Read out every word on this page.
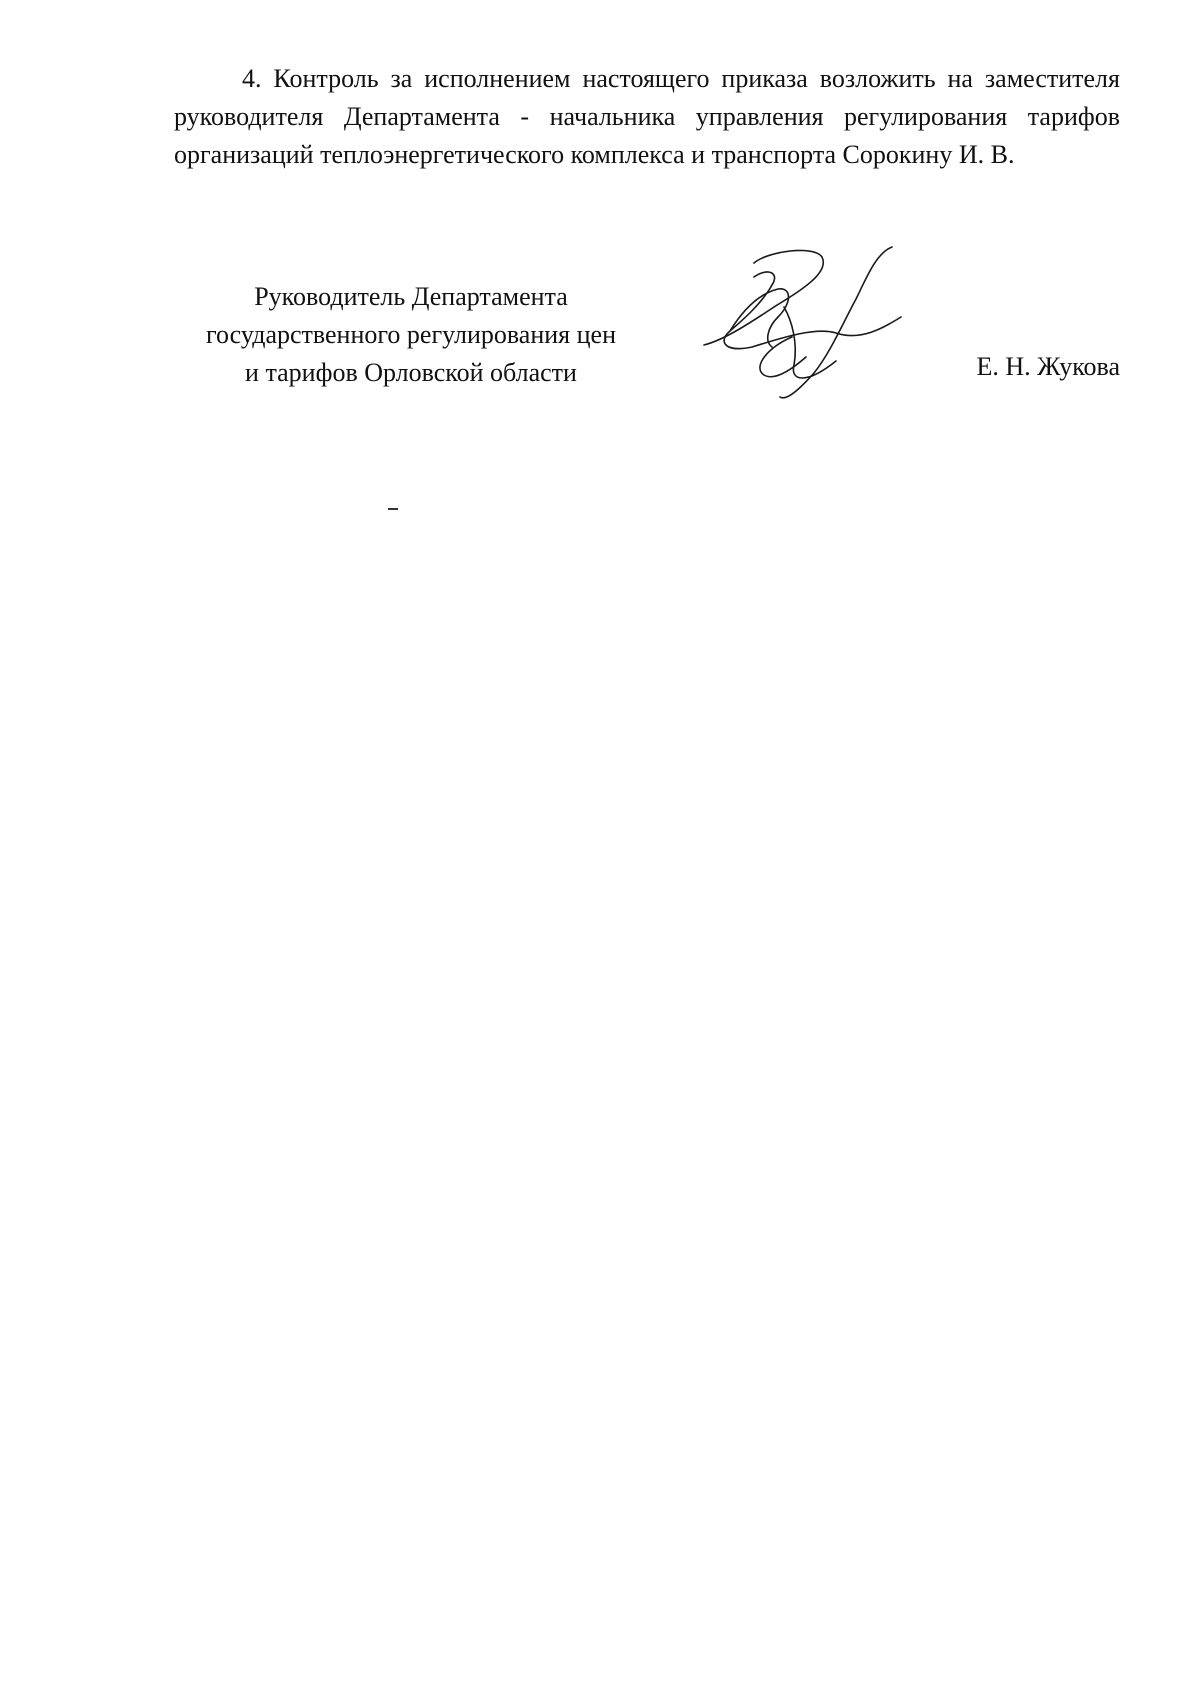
4. Контроль за исполнением настоящего приказа возложить на заместителя руководителя Департамента - начальника управления регулирования тарифов организаций теплоэнергетического комплекса и транспорта Сорокину И. В.

Руководитель Департамента
государственного регулирования цен
и тарифов Орловской области	Е. Н. Жукова
